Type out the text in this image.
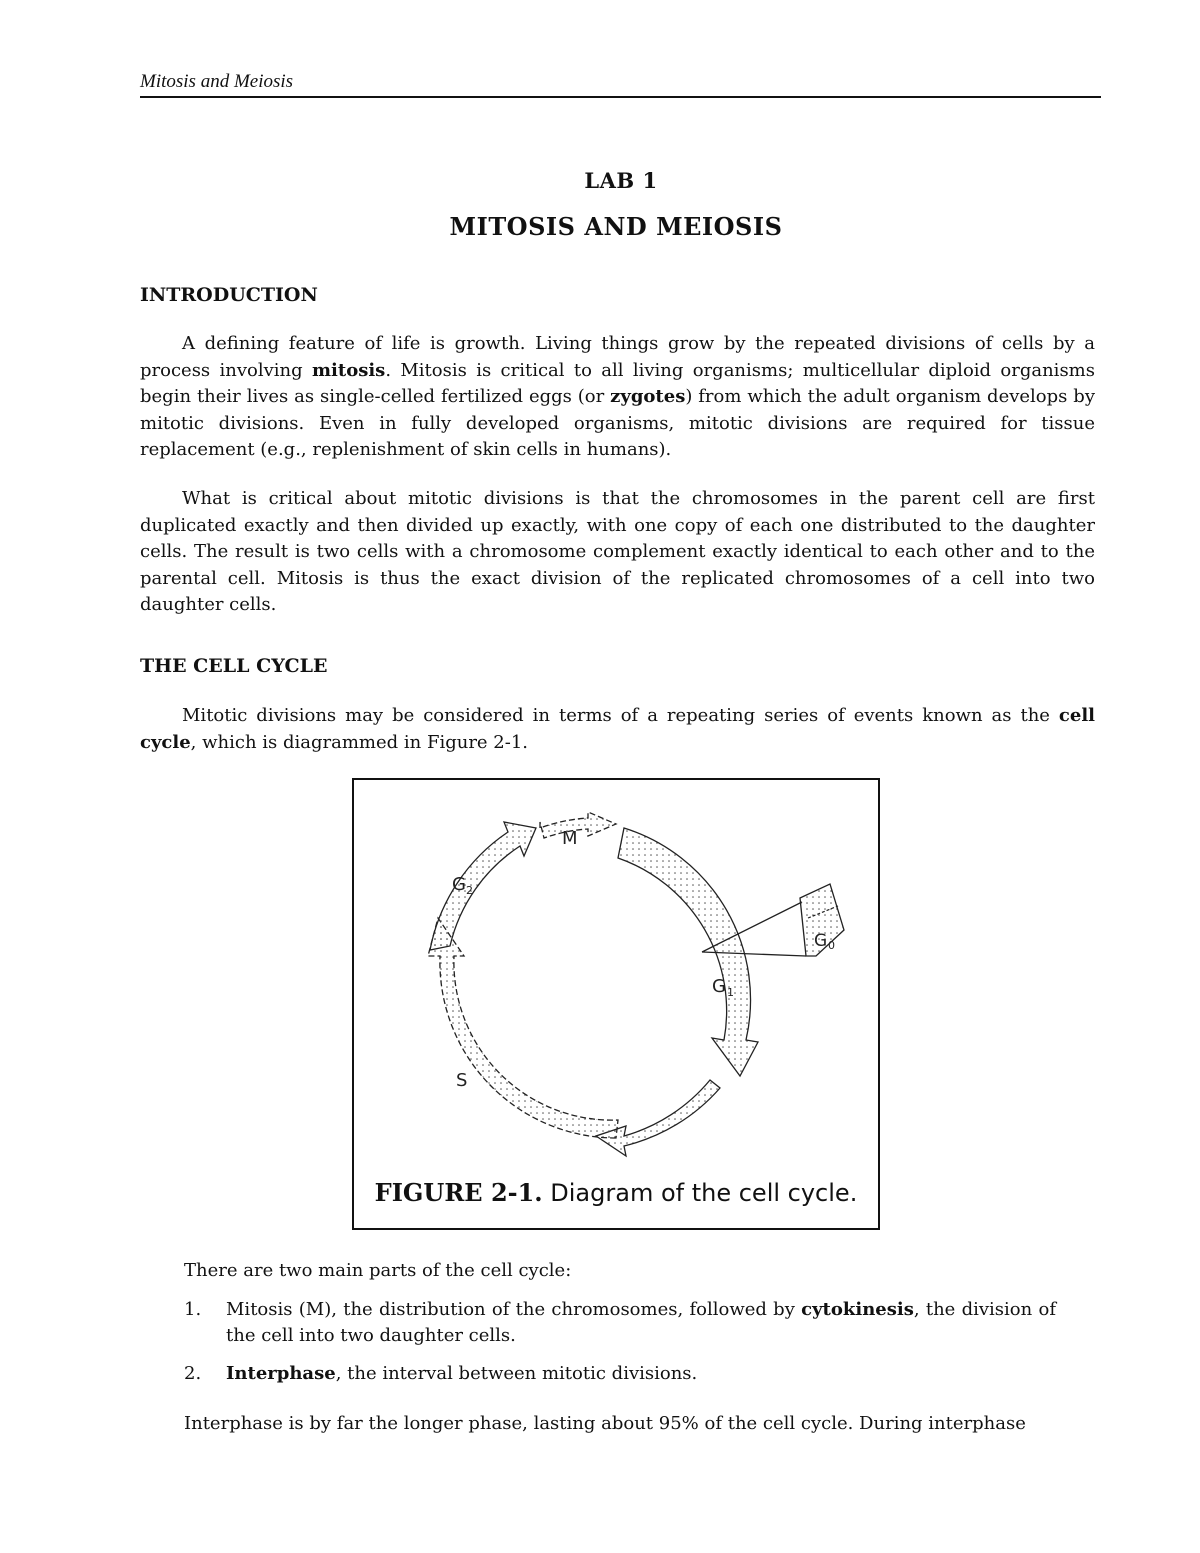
Mitosis and Meiosis
LAB 1
MITOSIS AND MEIOSIS
INTRODUCTION

A defining feature of life is growth. Living things grow by the repeated divisions of cells by a process involving mitosis. Mitosis is critical to all living organisms; multicellular diploid organisms begin their lives as single-celled fertilized eggs (or zygotes) from which the adult organism develops by mitotic divisions. Even in fully developed organisms, mitotic divisions are required for tissue replacement (e.g., replenishment of skin cells in humans).

What is critical about mitotic divisions is that the chromosomes in the parent cell are first duplicated exactly and then divided up exactly, with one copy of each one distributed to the daughter cells. The result is two cells with a chromosome complement exactly identical to each other and to the parental cell. Mitosis is thus the exact division of the replicated chromosomes of a cell into two daughter cells.

THE CELL CYCLE

Mitotic divisions may be considered in terms of a repeating series of events known as the cell cycle, which is diagrammed in Figure 2-1.

M
G 2
G 1
G 0
S
FIGURE 2-1. Diagram of the cell cycle.
There are two main parts of the cell cycle:
1. Mitosis (M), the distribution of the chromosomes, followed by cytokinesis, the division of the cell into two daughter cells.
2. Interphase, the interval between mitotic divisions.
Interphase is by far the longer phase, lasting about 95% of the cell cycle. During interphase
